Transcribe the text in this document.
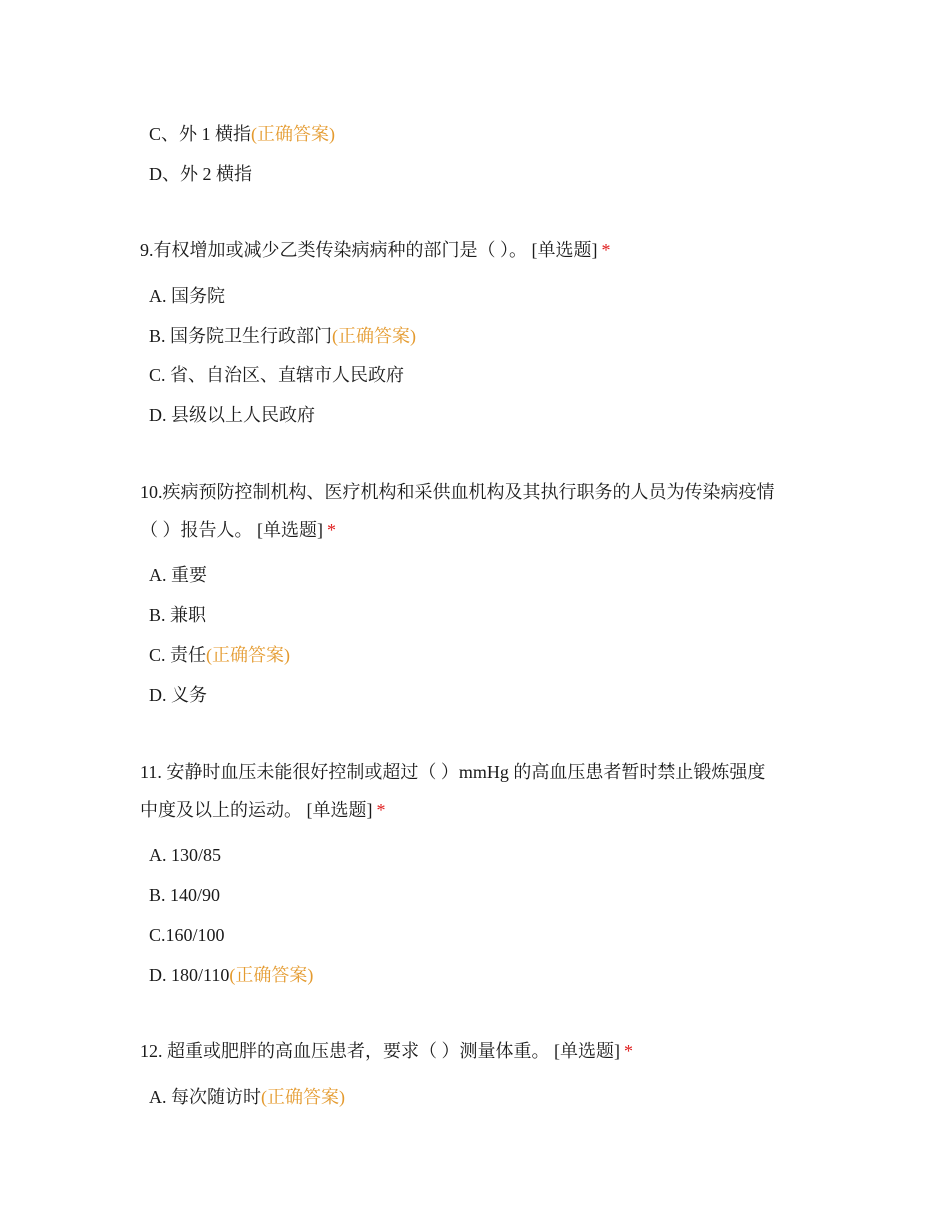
C、外 1 横指(正确答案)
D、外 2 横指
9.有权增加或减少乙类传染病病种的部门是（ ）。 [单选题] *
A. 国务院
B. 国务院卫生行政部门(正确答案)
C. 省、自治区、直辖市人民政府
D. 县级以上人民政府
10.疾病预防控制机构、医疗机构和采供血机构及其执行职务的人员为传染病疫情
（ ）报告人。 [单选题] *
A. 重要
B. 兼职
C. 责任(正确答案)
D. 义务
11. 安静时血压未能很好控制或超过（ ）mmHg 的高血压患者暂时禁止锻炼强度
中度及以上的运动。 [单选题] *
A. 130/85
B. 140/90
C.160/100
D. 180/110(正确答案)
12. 超重或肥胖的高血压患者，要求（ ）测量体重。 [单选题] *
A. 每次随访时(正确答案)
